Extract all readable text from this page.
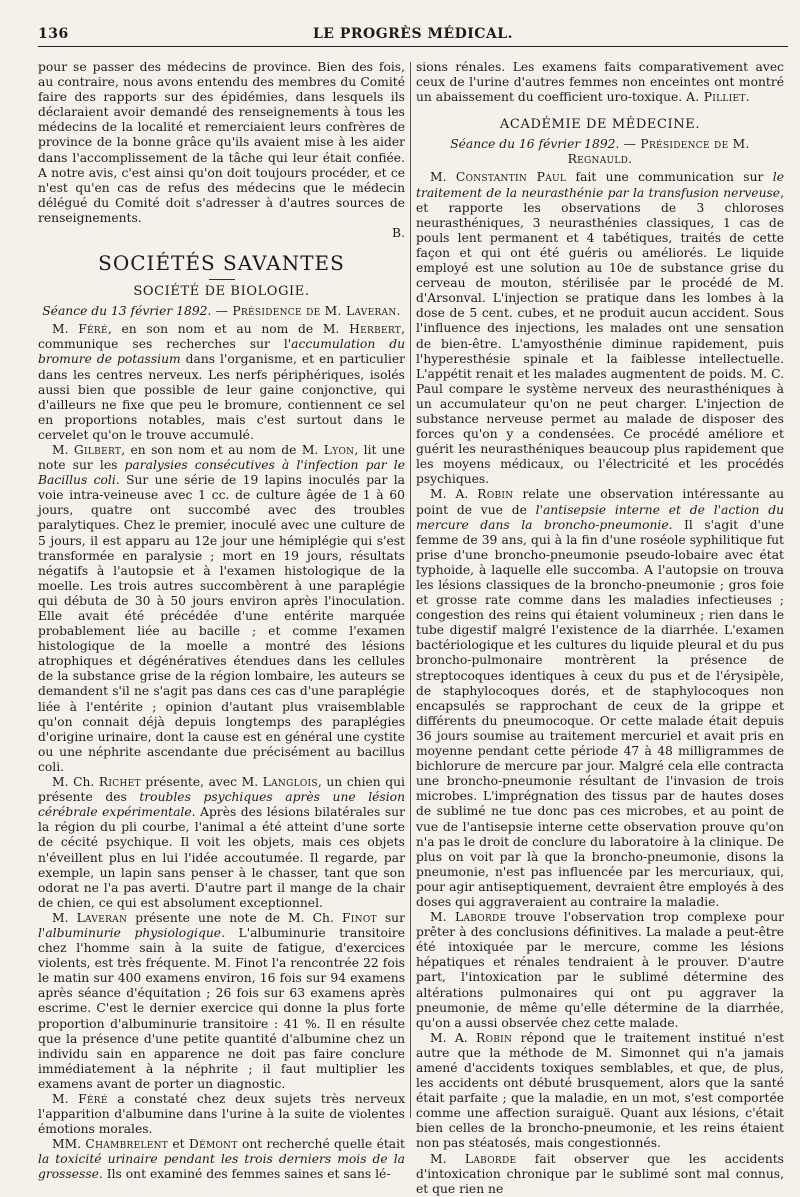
136	LE PROGRÈS MÉDICAL.

pour se passer des médecins de province. Bien des fois, au contraire, nous avons entendu des membres du Comité faire des rapports sur des épidémies, dans lesquels ils déclaraient avoir demandé des renseignements à tous les médecins de la localité et remerciaient leurs confrères de province de la bonne grâce qu'ils avaient mise à les aider dans l'accomplissement de la tâche qui leur était confiée. A notre avis, c'est ainsi qu'on doit toujours procéder, et ce n'est qu'en cas de refus des médecins que le médecin délégué du Comité doit s'adresser à d'autres sources de renseignements.

B.

SOCIÉTÉS SAVANTES
SOCIÉTÉ DE BIOLOGIE.
Séance du 13 février 1892. — Présidence de M. Laveran.

M. Féré, en son nom et au nom de M. Herbert, communique ses recherches sur l'accumulation du bromure de potassium dans l'organisme, et en particulier dans les centres nerveux. Les nerfs périphériques, isolés aussi bien que possible de leur gaine conjonctive, qui d'ailleurs ne fixe que peu le bromure, contiennent ce sel en proportions notables, mais c'est surtout dans le cervelet qu'on le trouve accumulé.

M. Gilbert, en son nom et au nom de M. Lyon, lit une note sur les paralysies consécutives à l'infection par le Bacillus coli. Sur une série de 19 lapins inoculés par la voie intra-veineuse avec 1 cc. de culture âgée de 1 à 60 jours, quatre ont succombé avec des troubles paralytiques. Chez le premier, inoculé avec une culture de 5 jours, il est apparu au 12e jour une hémiplégie qui s'est transformée en paralysie ; mort en 19 jours, résultats négatifs à l'autopsie et à l'examen histologique de la moelle. Les trois autres succombèrent à une paraplégie qui débuta de 30 à 50 jours environ après l'inoculation. Elle avait été précédée d'une entérite marquée probablement liée au bacille ; et comme l'examen histologique de la moelle a montré des lésions atrophiques et dégénératives étendues dans les cellules de la substance grise de la région lombaire, les auteurs se demandent s'il ne s'agit pas dans ces cas d'une paraplégie liée à l'entérite ; opinion d'autant plus vraisemblable qu'on connait déjà depuis longtemps des paraplégies d'origine urinaire, dont la cause est en général une cystite ou une néphrite ascendante due précisément au bacillus coli.

M. Ch. Richet présente, avec M. Langlois, un chien qui présente des troubles psychiques après une lésion cérébrale expérimentale. Après des lésions bilatérales sur la région du pli courbe, l'animal a été atteint d'une sorte de cécité psychique. Il voit les objets, mais ces objets n'éveillent plus en lui l'idée accoutumée. Il regarde, par exemple, un lapin sans penser à le chasser, tant que son odorat ne l'a pas averti. D'autre part il mange de la chair de chien, ce qui est absolument exceptionnel.

M. Laveran présente une note de M. Ch. Finot sur l'albuminurie physiologique. L'albuminurie transitoire chez l'homme sain à la suite de fatigue, d'exercices violents, est très fréquente. M. Finot l'a rencontrée 22 fois le matin sur 400 examens environ, 16 fois sur 94 examens après séance d'équitation ; 26 fois sur 63 examens après escrime. C'est le dernier exercice qui donne la plus forte proportion d'albuminurie transitoire : 41 %. Il en résulte que la présence d'une petite quantité d'albumine chez un individu sain en apparence ne doit pas faire conclure immédiatement à la néphrite ; il faut multiplier les examens avant de porter un diagnostic.

M. Féré a constaté chez deux sujets très nerveux l'apparition d'albumine dans l'urine à la suite de violentes émotions morales.

MM. Chambrelent et Démont ont recherché quelle était la toxicité urinaire pendant les trois derniers mois de la grossesse. Ils ont examiné des femmes saines et sans lé-

sions rénales. Les examens faits comparativement avec ceux de l'urine d'autres femmes non enceintes ont montré un abaissement du coefficient uro-toxique. A. Pilliet.

ACADÉMIE DE MÉDECINE.
Séance du 16 février 1892. — Présidence de M. Regnauld.

M. Constantin Paul fait une communication sur le traitement de la neurasthénie par la transfusion nerveuse, et rapporte les observations de 3 chloroses neurasthéniques, 3 neurasthénies classiques, 1 cas de pouls lent permanent et 4 tabétiques, traités de cette façon et qui ont été guéris ou améliorés. Le liquide employé est une solution au 10e de substance grise du cerveau de mouton, stérilisée par le procédé de M. d'Arsonval. L'injection se pratique dans les lombes à la dose de 5 cent. cubes, et ne produit aucun accident. Sous l'influence des injections, les malades ont une sensation de bien-être. L'amyosthénie diminue rapidement, puis l'hyperesthésie spinale et la faiblesse intellectuelle. L'appétit renait et les malades augmentent de poids. M. C. Paul compare le système nerveux des neurasthéniques à un accumulateur qu'on ne peut charger. L'injection de substance nerveuse permet au malade de disposer des forces qu'on y a condensées. Ce procédé améliore et guérit les neurasthéniques beaucoup plus rapidement que les moyens médicaux, ou l'électricité et les procédés psychiques.

M. A. Robin relate une observation intéressante au point de vue de l'antisepsie interne et de l'action du mercure dans la broncho-pneumonie. Il s'agit d'une femme de 39 ans, qui à la fin d'une roséole syphilitique fut prise d'une broncho-pneumonie pseudo-lobaire avec état typhoide, à laquelle elle succomba. A l'autopsie on trouva les lésions classiques de la broncho-pneumonie ; gros foie et grosse rate comme dans les maladies infectieuses ; congestion des reins qui étaient volumineux ; rien dans le tube digestif malgré l'existence de la diarrhée. L'examen bactériologique et les cultures du liquide pleural et du pus broncho-pulmonaire montrèrent la présence de streptocoques identiques à ceux du pus et de l'érysipèle, de staphylocoques dorés, et de staphylocoques non encapsulés se rapprochant de ceux de la grippe et différents du pneumocoque. Or cette malade était depuis 36 jours soumise au traitement mercuriel et avait pris en moyenne pendant cette période 47 à 48 milligrammes de bichlorure de mercure par jour. Malgré cela elle contracta une broncho-pneumonie résultant de l'invasion de trois microbes. L'imprégnation des tissus par de hautes doses de sublimé ne tue donc pas ces microbes, et au point de vue de l'antisepsie interne cette observation prouve qu'on n'a pas le droit de conclure du laboratoire à la clinique. De plus on voit par là que la broncho-pneumonie, disons la pneumonie, n'est pas influencée par les mercuriaux, qui, pour agir antiseptiquement, devraient être employés à des doses qui aggraveraient au contraire la maladie.

M. Laborde trouve l'observation trop complexe pour prêter à des conclusions définitives. La malade a peut-être été intoxiquée par le mercure, comme les lésions hépatiques et rénales tendraient à le prouver. D'autre part, l'intoxication par le sublimé détermine des altérations pulmonaires qui ont pu aggraver la pneumonie, de même qu'elle détermine de la diarrhée, qu'on a aussi observée chez cette malade.

M. A. Robin répond que le traitement institué n'est autre que la méthode de M. Simonnet qui n'a jamais amené d'accidents toxiques semblables, et que, de plus, les accidents ont débuté brusquement, alors que la santé était parfaite ; que la maladie, en un mot, s'est comportée comme une affection suraiguë. Quant aux lésions, c'était bien celles de la broncho-pneumonie, et les reins étaient non pas stéatosés, mais congestionnés.

M. Laborde fait observer que les accidents d'intoxication chronique par le sublimé sont mal connus, et que rien ne
